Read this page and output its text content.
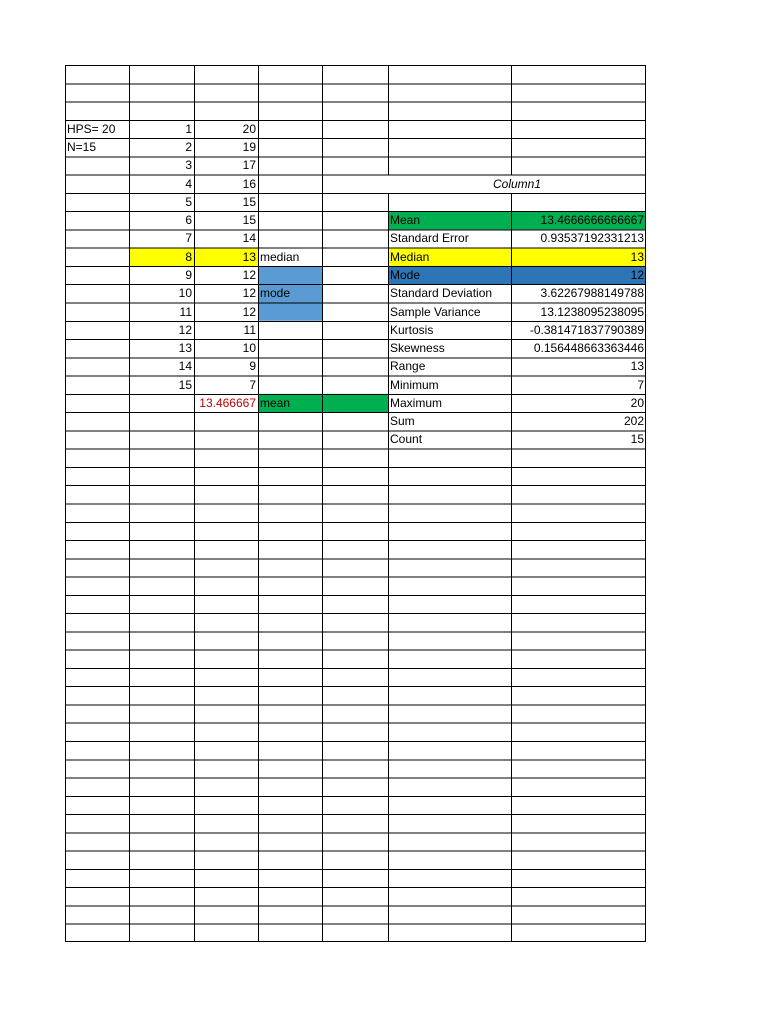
HPS= 20
N=15
1	20
2	19
3	17
4	16
5	15
6	15
7	14
8	13 median
9	12
10	12 mode
11	12
12	11
13	10
14	9
15	7
13.466667 mean
Column1
Mean	13.4666666666667
Standard Error	0.93537192331213
Median	13
Mode	12
Standard Deviation	3.62267988149788
Sample Variance	13.1238095238095
Kurtosis	-0.381471837790389
Skewness	0.156448663363446
Range	13
Minimum	7
Maximum	20
Sum	202
Count	15
